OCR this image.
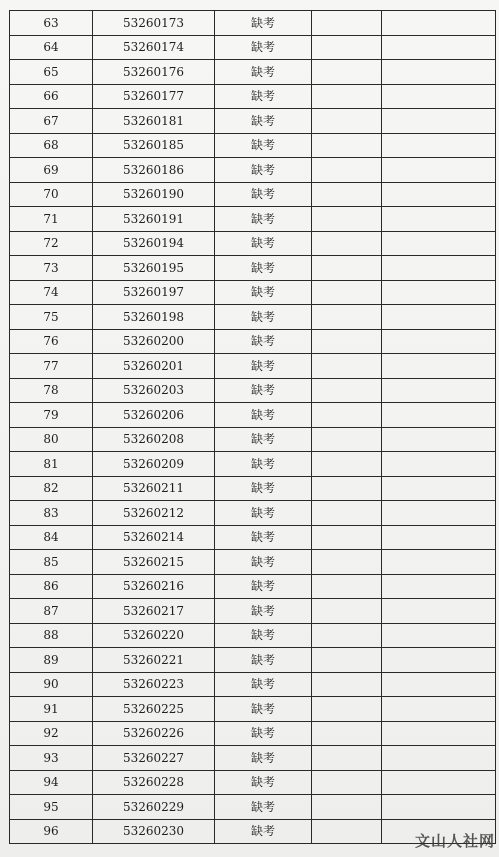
63	53260173	缺考		
64	53260174	缺考		
65	53260176	缺考		
66	53260177	缺考		
67	53260181	缺考		
68	53260185	缺考		
69	53260186	缺考		
70	53260190	缺考		
71	53260191	缺考		
72	53260194	缺考		
73	53260195	缺考		
74	53260197	缺考		
75	53260198	缺考		
76	53260200	缺考		
77	53260201	缺考		
78	53260203	缺考		
79	53260206	缺考		
80	53260208	缺考		
81	53260209	缺考		
82	53260211	缺考		
83	53260212	缺考		
84	53260214	缺考		
85	53260215	缺考		
86	53260216	缺考		
87	53260217	缺考		
88	53260220	缺考		
89	53260221	缺考		
90	53260223	缺考		
91	53260225	缺考		
92	53260226	缺考		
93	53260227	缺考		
94	53260228	缺考		
95	53260229	缺考		
96	53260230	缺考		
文山人社网
